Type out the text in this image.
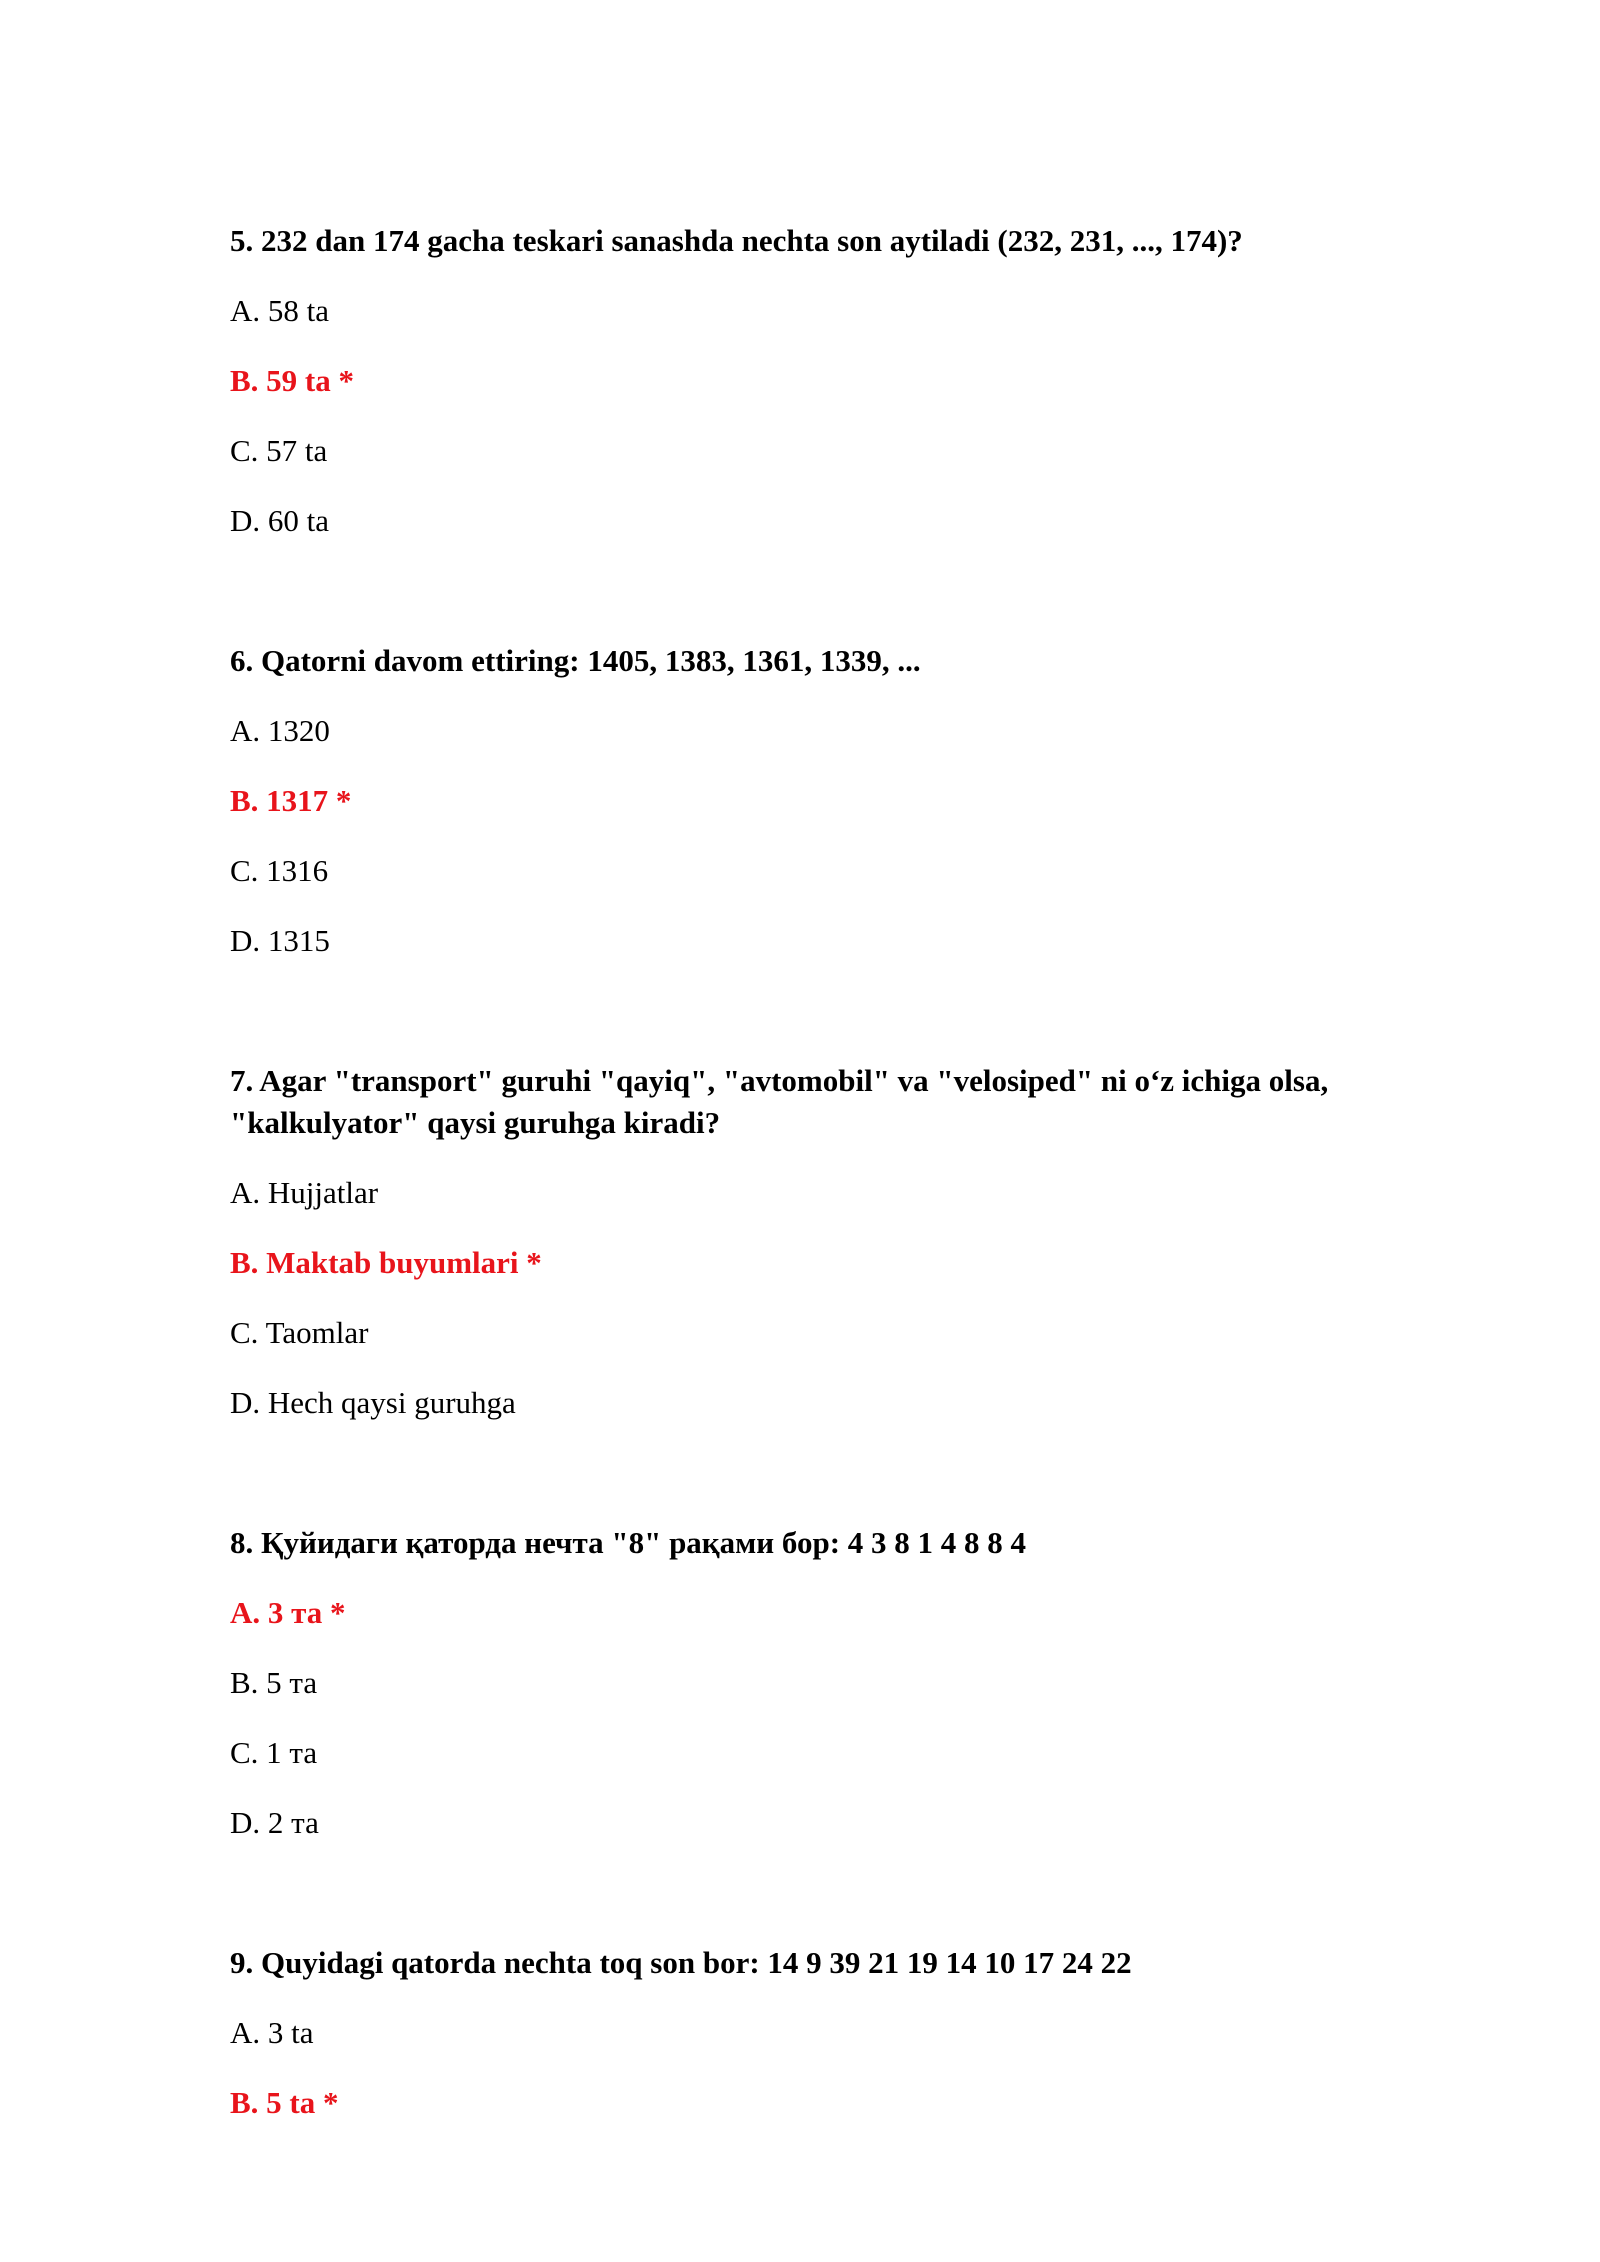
5. 232 dan 174 gacha teskari sanashda nechta son aytiladi (232, 231, ..., 174)?

A. 58 ta

B. 59 ta *

C. 57 ta

D. 60 ta

6. Qatorni davom ettiring: 1405, 1383, 1361, 1339, ...

A. 1320

B. 1317 *

C. 1316

D. 1315

7. Agar "transport" guruhi "qayiq", "avtomobil" va "velosiped" ni o‘z ichiga olsa, "kalkulyator" qaysi guruhga kiradi?

A. Hujjatlar

B. Maktab buyumlari *

C. Taomlar

D. Hech qaysi guruhga

8. Қуйидаги қаторда нечта "8" рақами бор: 4 3 8 1 4 8 8 4

A. 3 та *

B. 5 та

C. 1 та

D. 2 та

9. Quyidagi qatorda nechta toq son bor: 14 9 39 21 19 14 10 17 24 22

A. 3 ta

B. 5 ta *
